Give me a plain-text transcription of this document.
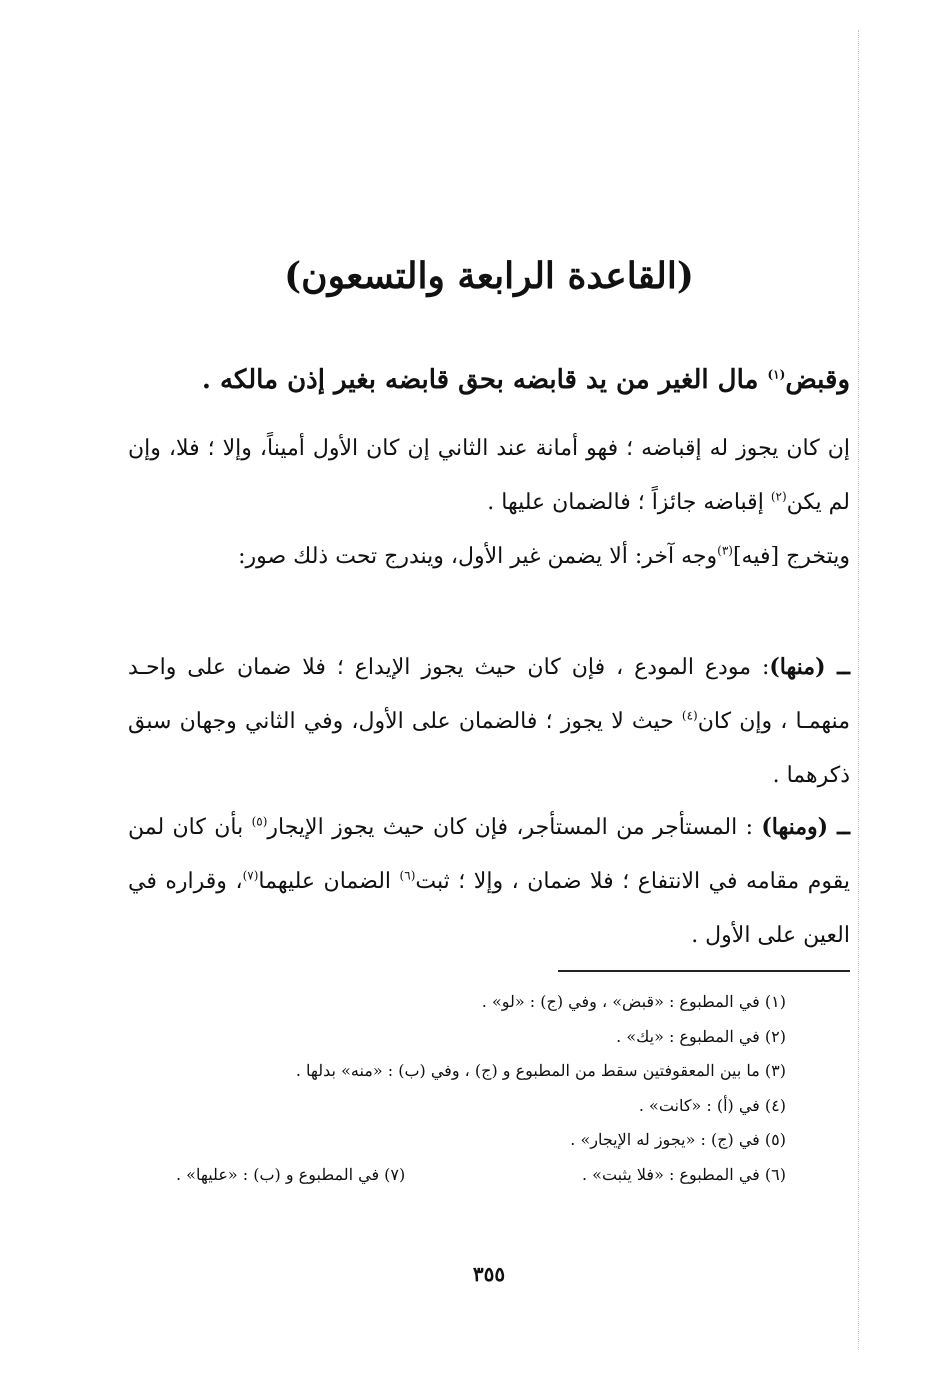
(القاعدة الرابعة والتسعون)
وقبض$^{(١)}$ مال الغير من يد قابضه بحق قابضه بغير إذن مالكه .
إن كان يجوز له إقباضه ؛ فهو أمانة عند الثاني إن كان الأول أميناً، وإلا ؛ فلا، وإن لم يكن$^{(٢)}$ إقباضه جائزاً ؛ فالضمان عليها .
ويتخرج [فيه]$^{(٣)}$وجه آخر: ألا يضمن غير الأول، ويندرج تحت ذلك صور:
ــ (منها): مودع المودع ، فإن كان حيث يجوز الإيداع ؛ فلا ضمان على واحـد منهمـا ، وإن كان$^{(٤)}$ حيث لا يجوز ؛ فالضمان على الأول، وفي الثاني وجهان سبق ذكرهما .
ــ (ومنها) : المستأجر من المستأجر، فإن كان حيث يجوز الإيجار$^{(٥)}$ بأن كان لمن يقوم مقامه في الانتفاع ؛ فلا ضمان ، وإلا ؛ ثبت$^{(٦)}$ الضمان عليهما$^{(٧)}$، وقراره في العين على الأول .
(١) في المطبوع : «قبض» ، وفي (ج) : «لو» .
(٢) في المطبوع : «يك» .
(٣) ما بين المعقوفتين سقط من المطبوع و (ج) ، وفي (ب) : «منه» بدلها .
(٤) في (أ) : «كانت» .
(٥) في (ج) : «يجوز له الإيجار» .
(٦) في المطبوع : «فلا يثبت» .
(٧) في المطبوع و (ب) : «عليها» .
٣٥٥
